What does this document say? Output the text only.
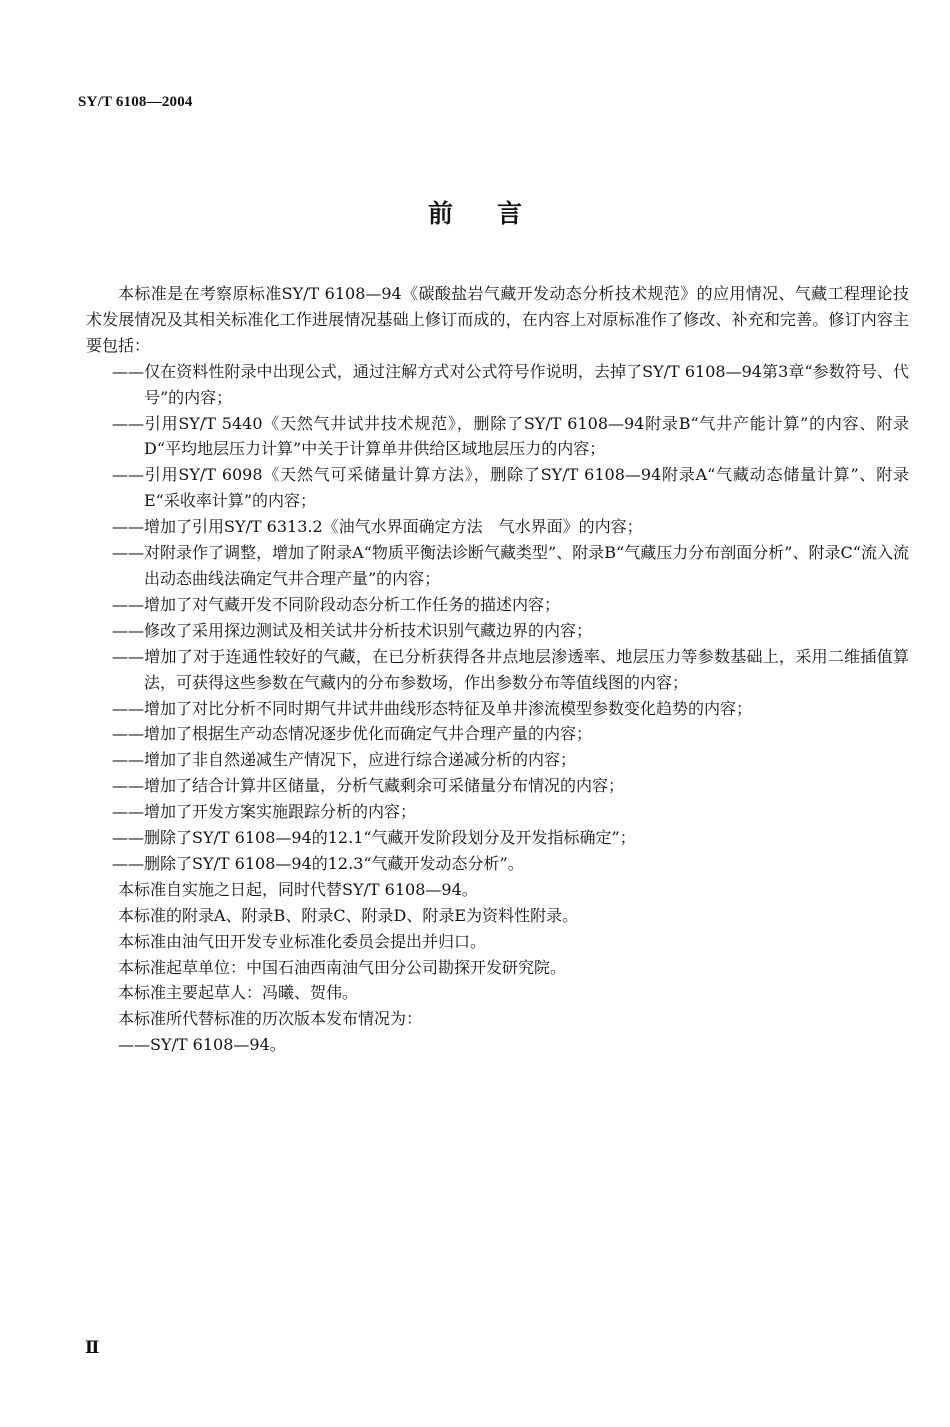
SY/T 6108—2004
前言

本标准是在考察原标准SY/T 6108—94《碳酸盐岩气藏开发动态分析技术规范》的应用情况、气藏工程理论技术发展情况及其相关标准化工作进展情况基础上修订而成的，在内容上对原标准作了修改、补充和完善。修订内容主要包括：

——仅在资料性附录中出现公式，通过注解方式对公式符号作说明，去掉了SY/T 6108—94第3章“参数符号、代号”的内容；

——引用SY/T 5440《天然气井试井技术规范》，删除了SY/T 6108—94附录B“气井产能计算”的内容、附录D“平均地层压力计算”中关于计算单井供给区域地层压力的内容；

——引用SY/T 6098《天然气可采储量计算方法》，删除了SY/T 6108—94附录A“气藏动态储量计算”、附录E“采收率计算”的内容；

——增加了引用SY/T 6313.2《油气水界面确定方法　气水界面》的内容；

——对附录作了调整，增加了附录A“物质平衡法诊断气藏类型”、附录B“气藏压力分布剖面分析”、附录C“流入流出动态曲线法确定气井合理产量”的内容；

——增加了对气藏开发不同阶段动态分析工作任务的描述内容；

——修改了采用探边测试及相关试井分析技术识别气藏边界的内容；

——增加了对于连通性较好的气藏，在已分析获得各井点地层渗透率、地层压力等参数基础上，采用二维插值算法，可获得这些参数在气藏内的分布参数场，作出参数分布等值线图的内容；

——增加了对比分析不同时期气井试井曲线形态特征及单井渗流模型参数变化趋势的内容；

——增加了根据生产动态情况逐步优化而确定气井合理产量的内容；

——增加了非自然递减生产情况下，应进行综合递减分析的内容；

——增加了结合计算井区储量，分析气藏剩余可采储量分布情况的内容；

——增加了开发方案实施跟踪分析的内容；

——删除了SY/T 6108—94的12.1“气藏开发阶段划分及开发指标确定”；

——删除了SY/T 6108—94的12.3“气藏开发动态分析”。

本标准自实施之日起，同时代替SY/T 6108—94。

本标准的附录A、附录B、附录C、附录D、附录E为资料性附录。

本标准由油气田开发专业标准化委员会提出并归口。

本标准起草单位：中国石油西南油气田分公司勘探开发研究院。

本标准主要起草人：冯曦、贺伟。

本标准所代替标准的历次版本发布情况为：

——SY/T 6108—94。

Ⅱ
